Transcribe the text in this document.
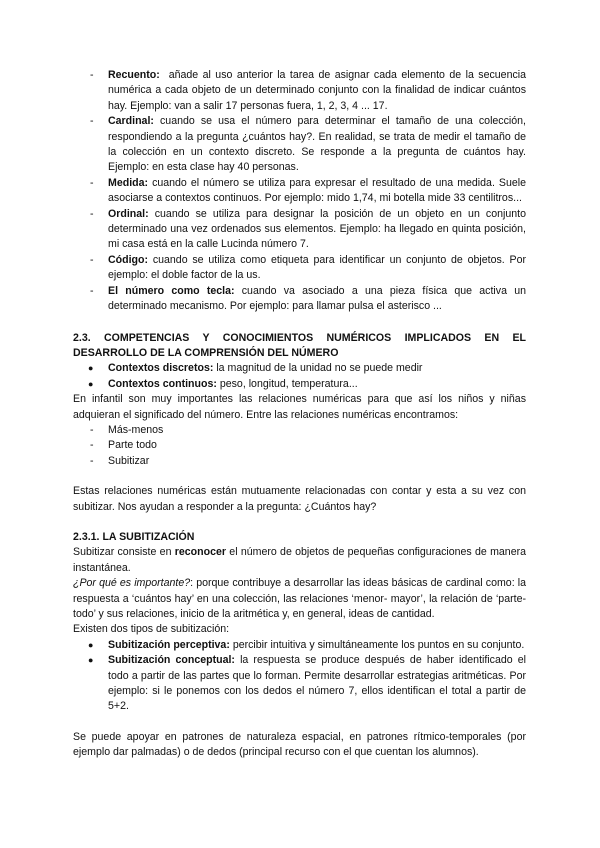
- Recuento: añade al uso anterior la tarea de asignar cada elemento de la secuencia numérica a cada objeto de un determinado conjunto con la finalidad de indicar cuántos hay. Ejemplo: van a salir 17 personas fuera, 1, 2, 3, 4 ... 17.
- Cardinal: cuando se usa el número para determinar el tamaño de una colección, respondiendo a la pregunta ¿cuántos hay?. En realidad, se trata de medir el tamaño de la colección en un contexto discreto. Se responde a la pregunta de cuántos hay. Ejemplo: en esta clase hay 40 personas.
- Medida: cuando el número se utiliza para expresar el resultado de una medida. Suele asociarse a contextos continuos. Por ejemplo: mido 1,74, mi botella mide 33 centilitros...
- Ordinal: cuando se utiliza para designar la posición de un objeto en un conjunto determinado una vez ordenados sus elementos. Ejemplo: ha llegado en quinta posición, mi casa está en la calle Lucinda número 7.
- Código: cuando se utiliza como etiqueta para identificar un conjunto de objetos. Por ejemplo: el doble factor de la us.
- El número como tecla: cuando va asociado a una pieza física que activa un determinado mecanismo. Por ejemplo: para llamar pulsa el asterisco ...

2.3. COMPETENCIAS Y CONOCIMIENTOS NUMÉRICOS IMPLICADOS EN EL DESARROLLO DE LA COMPRENSIÓN DEL NÚMERO

● Contextos discretos: la magnitud de la unidad no se puede medir
● Contextos continuos: peso, longitud, temperatura...

En infantil son muy importantes las relaciones numéricas para que así los niños y niñas adquieran el significado del número. Entre las relaciones numéricas encontramos:

- Más-menos
- Parte todo
- Subitizar

Estas relaciones numéricas están mutuamente relacionadas con contar y esta a su vez con subitizar. Nos ayudan a responder a la pregunta: ¿Cuántos hay?

2.3.1. LA SUBITIZACIÓN

Subitizar consiste en reconocer el número de objetos de pequeñas configuraciones de manera instantánea.

¿Por qué es importante?: porque contribuye a desarrollar las ideas básicas de cardinal como: la respuesta a ‘cuántos hay’ en una colección, las relaciones ‘menor- mayor’, la relación de ‘parte-todo’ y sus relaciones, inicio de la aritmética y, en general, ideas de cantidad.

Existen dos tipos de subitización:

● Subitización perceptiva: percibir intuitiva y simultáneamente los puntos en su conjunto.
● Subitización conceptual: la respuesta se produce después de haber identificado el todo a partir de las partes que lo forman. Permite desarrollar estrategias aritméticas. Por ejemplo: si le ponemos con los dedos el número 7, ellos identifican el total a partir de 5+2.

Se puede apoyar en patrones de naturaleza espacial, en patrones rítmico-temporales (por ejemplo dar palmadas) o de dedos (principal recurso con el que cuentan los alumnos).
